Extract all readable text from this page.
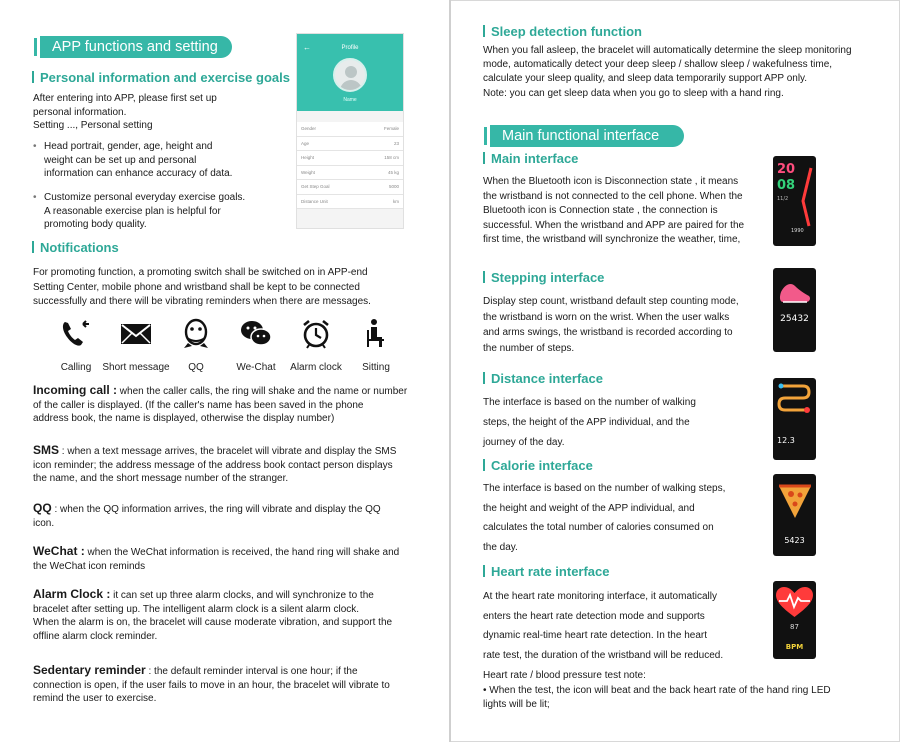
APP functions and setting
Personal information and exercise goals
After entering into APP, please first set up
personal information.
Setting ..., Personal setting
• Head portrait, gender, age, height and
weight can be set up and personal
information can enhance accuracy of data.
• Customize personal everyday exercise goals.
A reasonable exercise plan is helpful for
promoting body quality.
←	Profile
Name
Gender	Female
Age	23
Height	158 cm
Weight	45 kg
Get Step Goal	5000
Distance Unit	km
Notifications
For promoting function, a promoting switch shall be switched on in APP-end
Setting Center, mobile phone and wristband shall be kept to be connected
successfully and there will be vibrating reminders when there are messages.
Calling	Short message	QQ	We-Chat	Alarm clock	Sitting
Incoming call : when the caller calls, the ring will shake and the name or number
of the caller is displayed. (If the caller's name has been saved in the phone
address book, the name is displayed, otherwise the display number)
SMS : when a text message arrives, the bracelet will vibrate and display the SMS
icon reminder; the address message of the address book contact person displays
the name, and the short message number of the stranger.
QQ : when the QQ information arrives, the ring will vibrate and display the QQ
icon.
WeChat : when the WeChat information is received, the hand ring will shake and
the WeChat icon reminds
Alarm Clock : it can set up three alarm clocks, and will synchronize to the
bracelet after setting up. The intelligent alarm clock is a silent alarm clock.
When the alarm is on, the bracelet will cause moderate vibration, and support the
offline alarm clock reminder.
Sedentary reminder : the default reminder interval is one hour; if the
connection is open, if the user fails to move in an hour, the bracelet will vibrate to
remind the user to exercise.
Sleep detection function
When you fall asleep, the bracelet will automatically determine the sleep monitoring
mode, automatically detect your deep sleep / shallow sleep / wakefulness time,
calculate your sleep quality, and sleep data temporarily support APP only.
Note: you can get sleep data when you go to sleep with a hand ring.
Main functional interface
Main interface
When the Bluetooth icon is Disconnection state , it means
the wristband is not connected to the cell phone. When the
Bluetooth icon is Connection state , the connection is
successful. When the wristband and APP are paired for the
first time, the wristband will synchronize the weather, time,
Stepping interface
Display step count, wristband default step counting mode,
the wristband is worn on the wrist. When the user walks
and arms swings, the wristband is recorded according to
the number of steps.
Distance interface
The interface is based on the number of walking
steps, the height of the APP individual, and the
journey of the day.
Calorie interface
The interface is based on the number of walking steps,
the height and weight of the APP individual, and
calculates the total number of calories consumed on
the day.
Heart rate interface
At the heart rate monitoring interface, it automatically
enters the heart rate detection mode and supports
dynamic real-time heart rate detection. In the heart
rate test, the duration of the wristband will be reduced.
Heart rate / blood pressure test note:
• When the test, the icon will beat and the back heart rate of the hand ring LED
lights will be lit;
20
08
11/2
1990
25432
12.3
5423
87
BPM
